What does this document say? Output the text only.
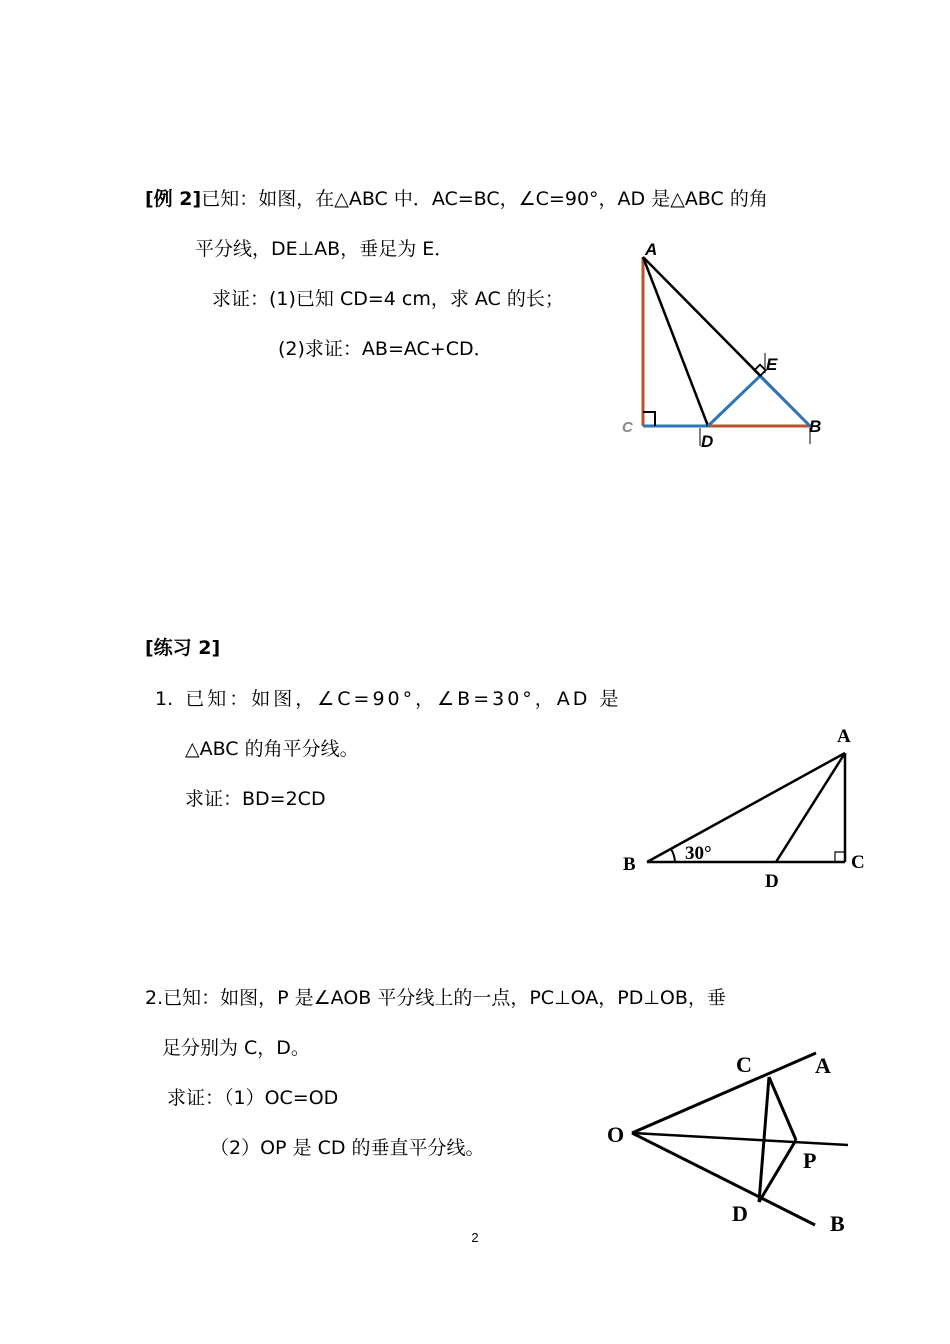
[例 2]已知：如图，在△ABC 中．AC=BC，∠C=90°，AD 是△ABC 的角
平分线，DE⊥AB，垂足为 E．
求证：(1)已知 CD=4 cm，求 AC 的长；
(2)求证：AB=AC+CD．
A
E
D
B
C
[练习 2]
1. 已知：如图，∠C=90°，∠B=30°，AD 是
△ABC 的角平分线。
求证：BD=2CD
A
B	C
D
30°
2.已知：如图，P 是∠AOB 平分线上的一点，PC⊥OA，PD⊥OB，垂
足分别为 C，D。
求证：（1）OC=OD
（2）OP 是 CD 的垂直平分线。
O
C	A
P
D	B
2
